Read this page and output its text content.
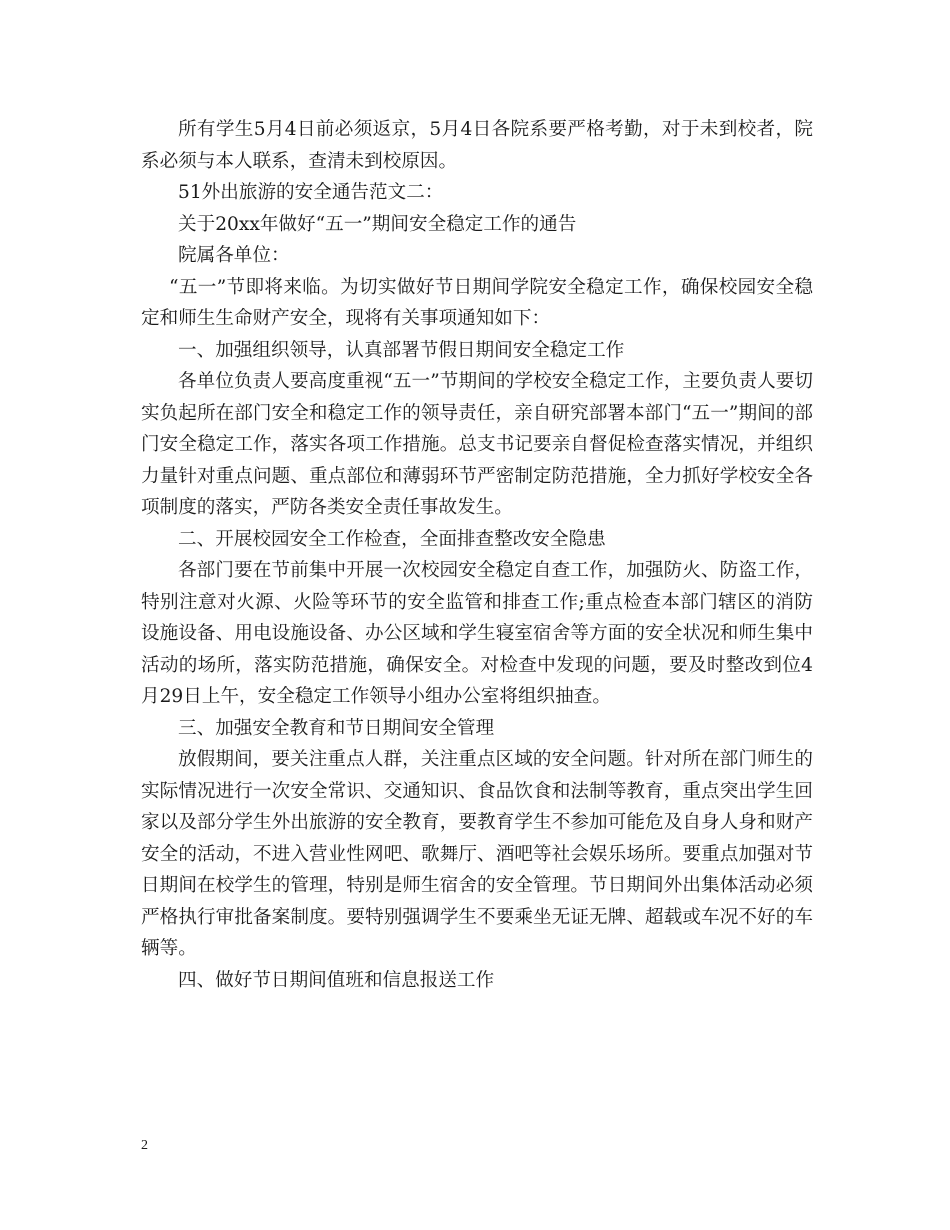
所有学生5月4日前必须返京，5月4日各院系要严格考勤，对于未到校者，院系必须与本人联系，查清未到校原因。

51外出旅游的安全通告范文二：

关于20xx年做好“五一”期间安全稳定工作的通告

院属各单位：

“五一”节即将来临。为切实做好节日期间学院安全稳定工作，确保校园安全稳定和师生生命财产安全，现将有关事项通知如下：

一、加强组织领导，认真部署节假日期间安全稳定工作

各单位负责人要高度重视“五一”节期间的学校安全稳定工作，主要负责人要切实负起所在部门安全和稳定工作的领导责任，亲自研究部署本部门“五一”期间的部门安全稳定工作，落实各项工作措施。总支书记要亲自督促检查落实情况，并组织力量针对重点问题、重点部位和薄弱环节严密制定防范措施，全力抓好学校安全各项制度的落实，严防各类安全责任事故发生。

二、开展校园安全工作检查，全面排查整改安全隐患

各部门要在节前集中开展一次校园安全稳定自查工作，加强防火、防盗工作，特别注意对火源、火险等环节的安全监管和排查工作;重点检查本部门辖区的消防设施设备、用电设施设备、办公区域和学生寝室宿舍等方面的安全状况和师生集中活动的场所，落实防范措施，确保安全。对检查中发现的问题，要及时整改到位4月29日上午，安全稳定工作领导小组办公室将组织抽查。

三、加强安全教育和节日期间安全管理

放假期间，要关注重点人群，关注重点区域的安全问题。针对所在部门师生的实际情况进行一次安全常识、交通知识、食品饮食和法制等教育，重点突出学生回家以及部分学生外出旅游的安全教育，要教育学生不参加可能危及自身人身和财产安全的活动，不进入营业性网吧、歌舞厅、酒吧等社会娱乐场所。要重点加强对节日期间在校学生的管理，特别是师生宿舍的安全管理。节日期间外出集体活动必须严格执行审批备案制度。要特别强调学生不要乘坐无证无牌、超载或车况不好的车辆等。

四、做好节日期间值班和信息报送工作

2
